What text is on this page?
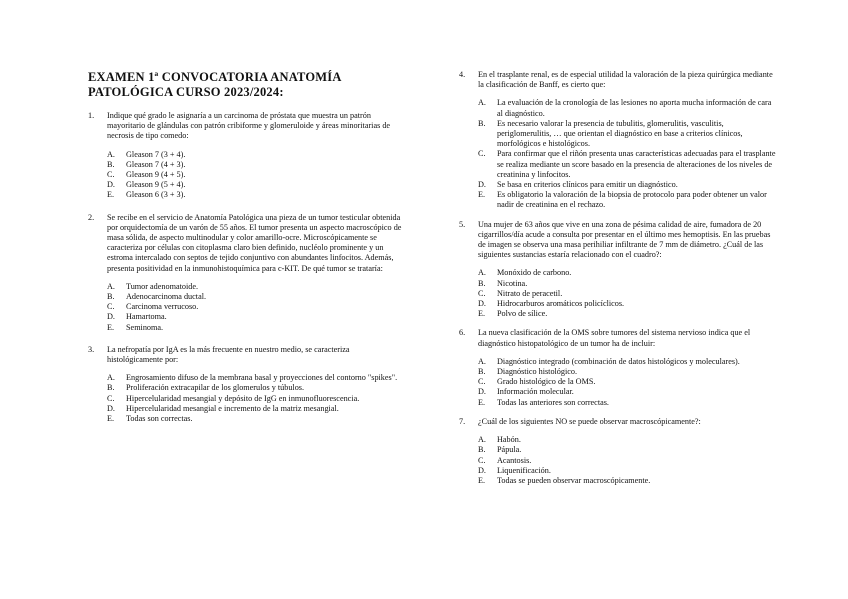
EXAMEN 1ª CONVOCATORIA ANATOMÍA
PATOLÓGICA CURSO 2023/2024:
1. Indique qué grado le asignaría a un carcinoma de próstata que muestra un patrón mayoritario de glándulas con patrón cribiforme y glomeruloide y áreas minoritarias de necrosis de tipo comedo:
A. Gleason 7 (3 + 4).
B. Gleason 7 (4 + 3).
C. Gleason 9 (4 + 5).
D. Gleason 9 (5 + 4).
E. Gleason 6 (3 + 3).
2. Se recibe en el servicio de Anatomía Patológica una pieza de un tumor testicular obtenida por orquidectomía de un varón de 55 años. El tumor presenta un aspecto macroscópico de masa sólida, de aspecto multinodular y color amarillo-ocre. Microscópicamente se caracteriza por células con citoplasma claro bien definido, nucléolo prominente y un estroma intercalado con septos de tejido conjuntivo con abundantes linfocitos. Además, presenta positividad en la inmunohistoquímica para c-KIT. De qué tumor se trataría:
A. Tumor adenomatoide.
B. Adenocarcinoma ductal.
C. Carcinoma verrucoso.
D. Hamartoma.
E. Seminoma.
3. La nefropatía por IgA es la más frecuente en nuestro medio, se caracteriza histológicamente por:
A. Engrosamiento difuso de la membrana basal y proyecciones del contorno "spikes".
B. Proliferación extracapilar de los glomerulos y túbulos.
C. Hipercelularidad mesangial y depósito de IgG en inmunofluorescencia.
D. Hipercelularidad mesangial e incremento de la matriz mesangial.
E. Todas son correctas.
4. En el trasplante renal, es de especial utilidad la valoración de la pieza quirúrgica mediante la clasificación de Banff, es cierto que:
A. La evaluación de la cronología de las lesiones no aporta mucha información de cara al diagnóstico.
B. Es necesario valorar la presencia de tubulitis, glomerulitis, vasculitis, periglomerulitis, … que orientan el diagnóstico en base a criterios clínicos, morfológicos e histológicos.
C. Para confirmar que el riñón presenta unas características adecuadas para el trasplante se realiza mediante un score basado en la presencia de alteraciones de los niveles de creatinina y linfocitos.
D. Se basa en criterios clínicos para emitir un diagnóstico.
E. Es obligatorio la valoración de la biopsia de protocolo para poder obtener un valor nadir de creatinina en el rechazo.
5. Una mujer de 63 años que vive en una zona de pésima calidad de aire, fumadora de 20 cigarrillos/día acude a consulta por presentar en el último mes hemoptisis. En las pruebas de imagen se observa una masa perihiliar infiltrante de 7 mm de diámetro. ¿Cuál de las siguientes sustancias estaría relacionado con el cuadro?:
A. Monóxido de carbono.
B. Nicotina.
C. Nitrato de peracetil.
D. Hidrocarburos aromáticos policíclicos.
E. Polvo de sílice.
6. La nueva clasificación de la OMS sobre tumores del sistema nervioso indica que el diagnóstico histopatológico de un tumor ha de incluir:
A. Diagnóstico integrado (combinación de datos histológicos y moleculares).
B. Diagnóstico histológico.
C. Grado histológico de la OMS.
D. Información molecular.
E. Todas las anteriores son correctas.
7. ¿Cuál de los siguientes NO se puede observar macroscópicamente?:
A. Habón.
B. Pápula.
C. Acantosis.
D. Liquenificación.
E. Todas se pueden observar macroscópicamente.
